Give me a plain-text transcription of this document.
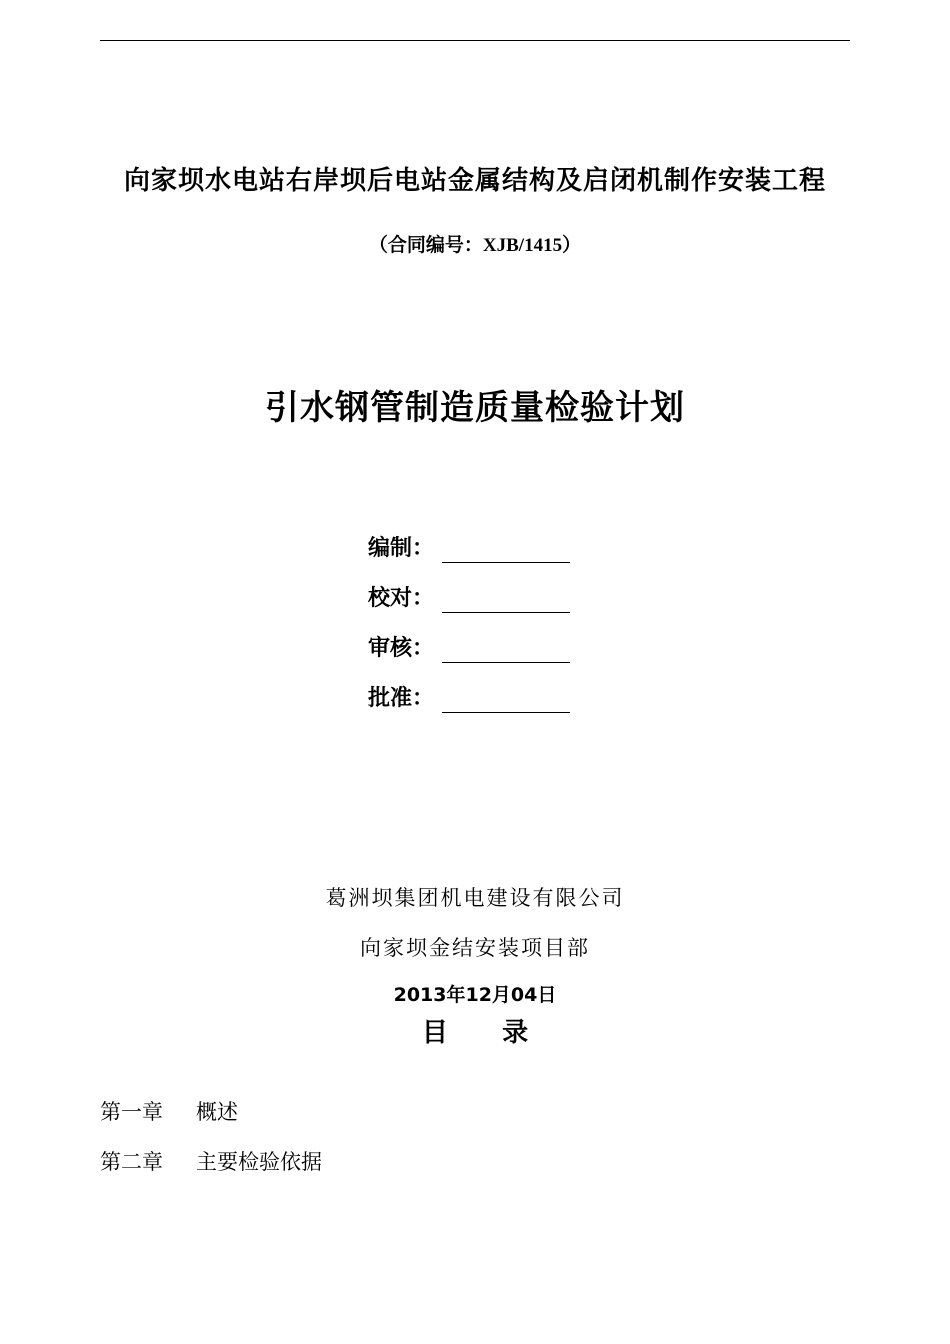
向家坝水电站右岸坝后电站金属结构及启闭机制作安装工程
（合同编号：XJB/1415）
引水钢管制造质量检验计划
编制：
校对：
审核：
批准：
葛洲坝集团机电建设有限公司
向家坝金结安装项目部
2013年12月04日
目      录
第一章	概述
第二章	主要检验依据
